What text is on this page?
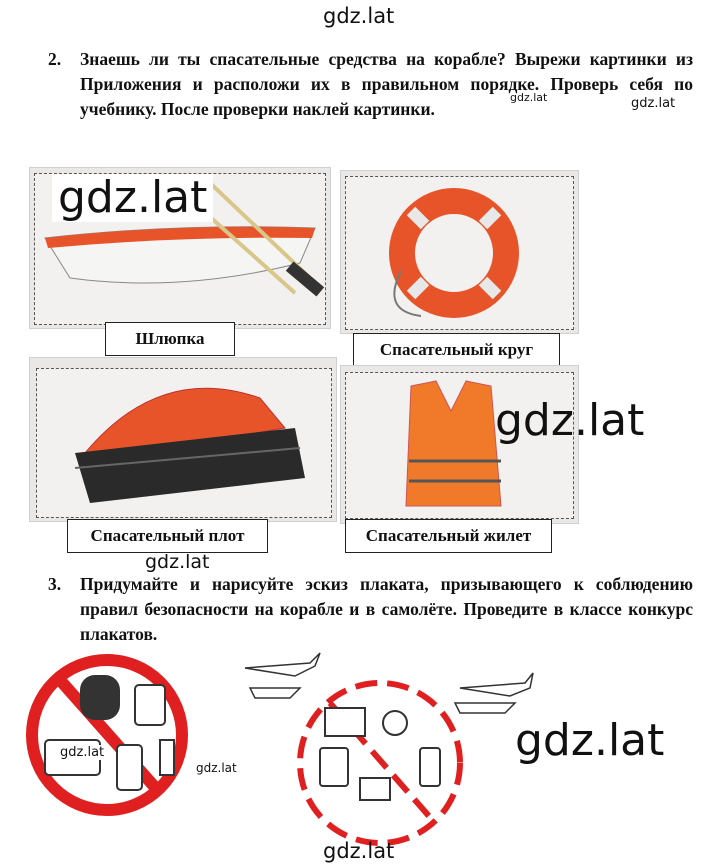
gdz.lat
2. Знаешь ли ты спасательные средства на корабле? Вырежи картинки из Приложения и расположи их в правильном порядке. Проверь себя по учебнику. После проверки наклей картинки.
gdz.lat	gdz.lat
gdz.lat
Шлюпка
Спасательный круг
Спасательный плот
gdz.lat
Спасательный жилет
gdz.lat
3. Придумайте и нарисуйте эскиз плаката, призывающего к соблюдению правил безопасности на корабле и в самолёте. Проведите в классе конкурс плакатов.
gdz.lat
gdz.lat
gdz.lat
gdz.lat
